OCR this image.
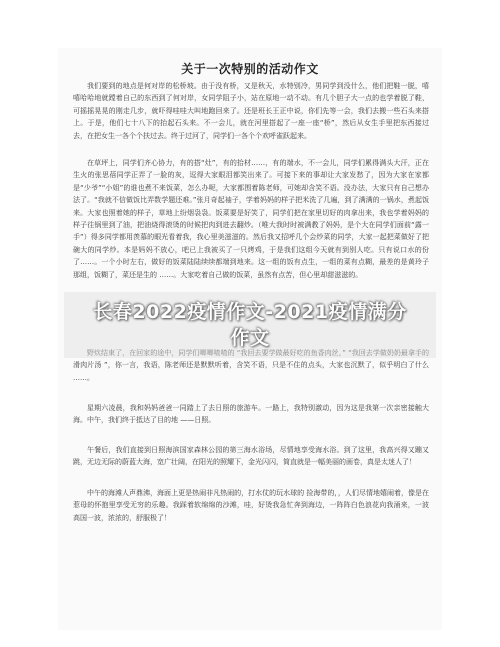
关于一次特别的活动作文

我们要到的地点是何对岸的松桥坡。由于没有桥，又是秋天，水特别冷，男同学到没什么，他们把鞋一脱，嘻嘻哈哈地就蹚着自己的东西到了何对岸，女同学阻子小，站在原地一动不动。有几个胆子大一点的也学着脱了鞋，可摇摇晃晃的刚走几步，就吓得哇哇大叫地跑回来了。还是班长王正中说，你们先等一会，我们去搬一些石头来搭上。于是，他们七十八下的抬起石头来。不一会儿，就在河里搭起了一座一座“桥”，然后从女生手里把东西接过去，在把女生一各个个扶过去。终于过河了，同学们一各个个欢呼雀跃起来。

在草坪上，同学们齐心协力，有的搭“灶”，有的拾材……，有的端水，不一会儿，同学们累得满头大汗，正在生火的张思蓓同学正弄了一脸的灰，逗得大家眼泪都笑出来了。可接下来的事却让大家发愁了，因为大家在家都是“少爷”“小姐”的谁也煮不来饭菜，怎么办呢，大家都围着陈老师，可她却含笑不语。没办法，大家只有自己想办法了。“我就不信做饭比弄数学题还难。”张月奇起袖子，学着妈妈的样子把米洗了几遍，到了满满的一锅水，煮起饭来。大家也照着她的样子，草地上纷烟袅袅。饭菜要是好笑了，同学们把在家里切好的肉拿出来，我也学着妈妈的样子往锅里到了油，把油烧得滚烫的时候把肉到进去翻炒。（唯大我时时被满教了妈妈，是个大在同学们面前“露一手”）得多同学都用羡慕的眼光看着我，我心里美滋滋的。然后我又招呼几个会炒菜的同学，大家一起把菜做好了把碗大的同学炒。本是妈妈不放心，吧已上我被买了一只烤鸡，于是我们这组今天就有到别人吃。只有说口水的份了……。一个小时左右，做好的饭菜陆陆续续都端到地来。这一组的饭有点生，一组的菜有点糊，最差的是黄玲子那组，饭糊了，菜还是生的 ……。大家吃着自己做的饭菜，虽然有点苦，但心里却甜滋滋的。

野炊结束了，在回家的途中，同学们唧唧喳喳的 “我回去要学做最好吃的鱼香肉丝，” “我回去学做奶奶最拿手的滑肉片汤 ”，你一言，我语，陈老师还是默默听着，含笑不语，只是不住的点头，大家也沉默了，似乎明白了什么 ……。

星期六凌晨，我和妈妈爸爸一同踏上了去日照的旅游车。一路上，我特别激动，因为这是我第一次亲密接触大海。中午，我们终于抵达了目的地 ——日照。

午餐后，我们直接到日照海滨国家森林公园的第三海水浴场，尽情地享受海水浴。到了这里，我高兴得又蹦又跳，无边无际的蔚蓝大海，宽广壮阔，在阳光的照耀下，金光闪闪，简直就是一幅美丽的画卷，真是太迷人了！

中午的海滩人声鼎沸，海面上更是热闹非凡热闹的，打水仗的玩水球的 捡海带的，，人们尽情地嬉闹着，像是在惹母的怀抱里享受无穷的乐趣。我踩着软绵绵的沙滩，哇，好烫我急忙奔到海边，一阵阵白色浪花向我涌来，一波高国一波，浓浓的，舒服极了！

长春2022疫情作文-2021疫情满分
作文
